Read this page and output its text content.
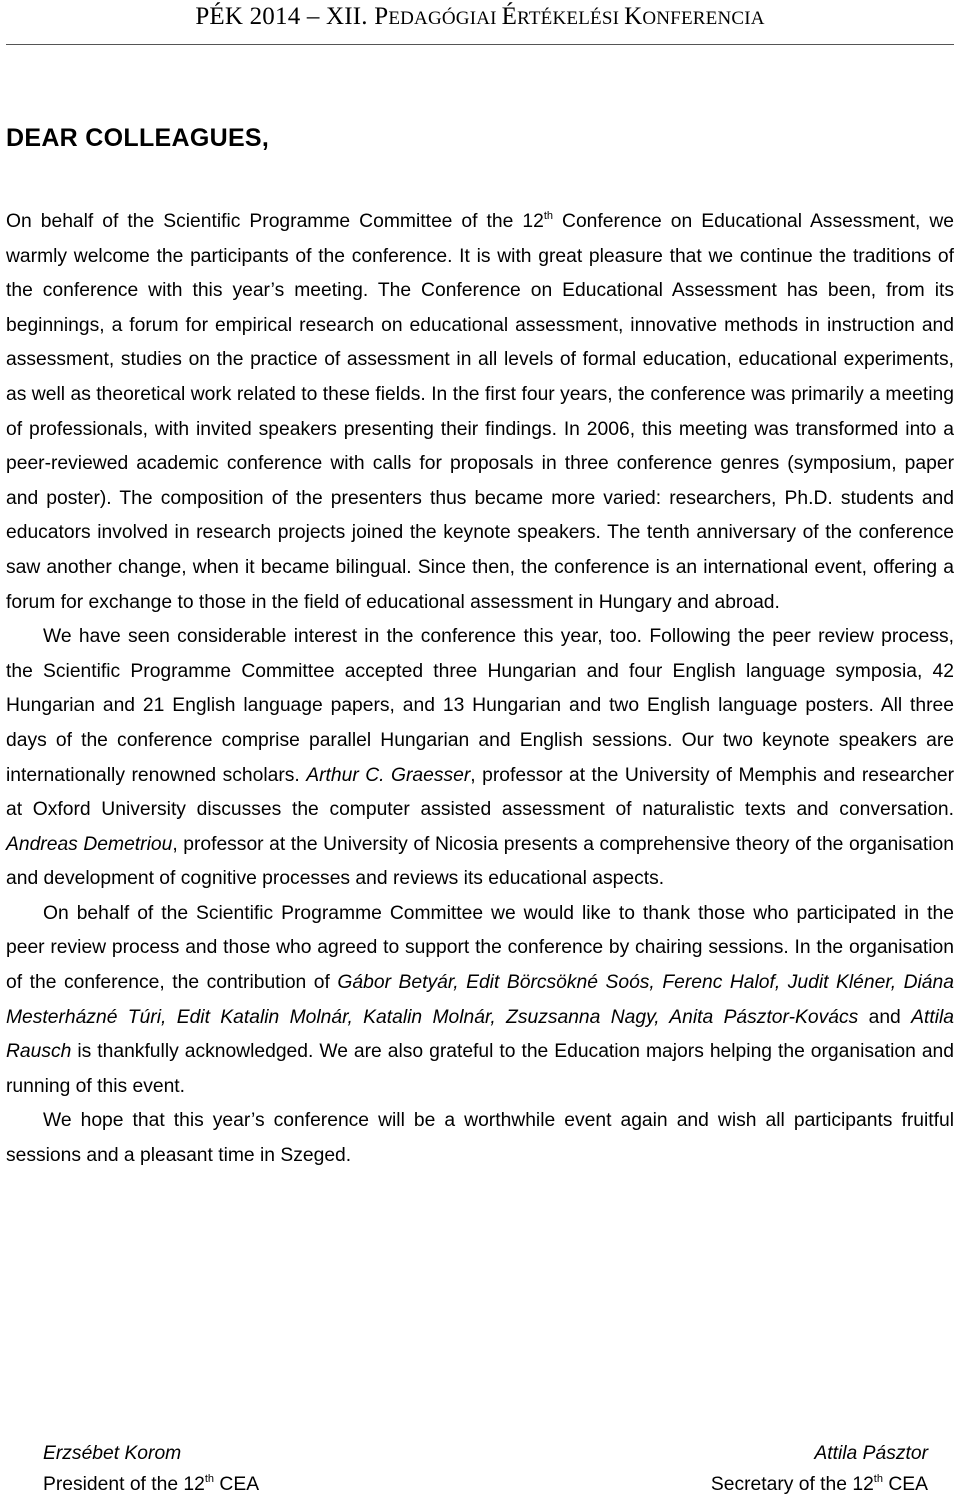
PÉK 2014 – XII. PEDAGÓGIAI ÉRTÉKELÉSI KONFERENCIA
DEAR COLLEAGUES,

On behalf of the Scientific Programme Committee of the 12th Conference on Educational Assessment, we warmly welcome the participants of the conference. It is with great pleasure that we continue the traditions of the conference with this year’s meeting. The Conference on Educational Assessment has been, from its beginnings, a forum for empirical research on educational assessment, innovative methods in instruction and assessment, studies on the practice of assessment in all levels of formal education, educational experiments, as well as theoretical work related to these fields. In the first four years, the conference was primarily a meeting of professionals, with invited speakers presenting their findings. In 2006, this meeting was transformed into a peer-reviewed academic conference with calls for proposals in three conference genres (symposium, paper and poster). The composition of the presenters thus became more varied: researchers, Ph.D. students and educators involved in research projects joined the keynote speakers. The tenth anniversary of the conference saw another change, when it became bilingual. Since then, the conference is an international event, offering a forum for exchange to those in the field of educational assessment in Hungary and abroad.

We have seen considerable interest in the conference this year, too. Following the peer review process, the Scientific Programme Committee accepted three Hungarian and four English language symposia, 42 Hungarian and 21 English language papers, and 13 Hungarian and two English language posters. All three days of the conference comprise parallel Hungarian and English sessions. Our two keynote speakers are internationally renowned scholars. Arthur C. Graesser, professor at the University of Memphis and researcher at Oxford University discusses the computer assisted assessment of naturalistic texts and conversation. Andreas Demetriou, professor at the University of Nicosia presents a comprehensive theory of the organisation and development of cognitive processes and reviews its educational aspects.

On behalf of the Scientific Programme Committee we would like to thank those who participated in the peer review process and those who agreed to support the conference by chairing sessions. In the organisation of the conference, the contribution of Gábor Betyár, Edit Börcsökné Soós, Ferenc Halof, Judit Kléner, Diána Mesterházné Túri, Edit Katalin Molnár, Katalin Molnár, Zsuzsanna Nagy, Anita Pásztor-Kovács and Attila Rausch is thankfully acknowledged. We are also grateful to the Education majors helping the organisation and running of this event.

We hope that this year’s conference will be a worthwhile event again and wish all participants fruitful sessions and a pleasant time in Szeged.

Erzsébet Korom
President of the 12th CEA
Attila Pásztor
Secretary of the 12th CEA
